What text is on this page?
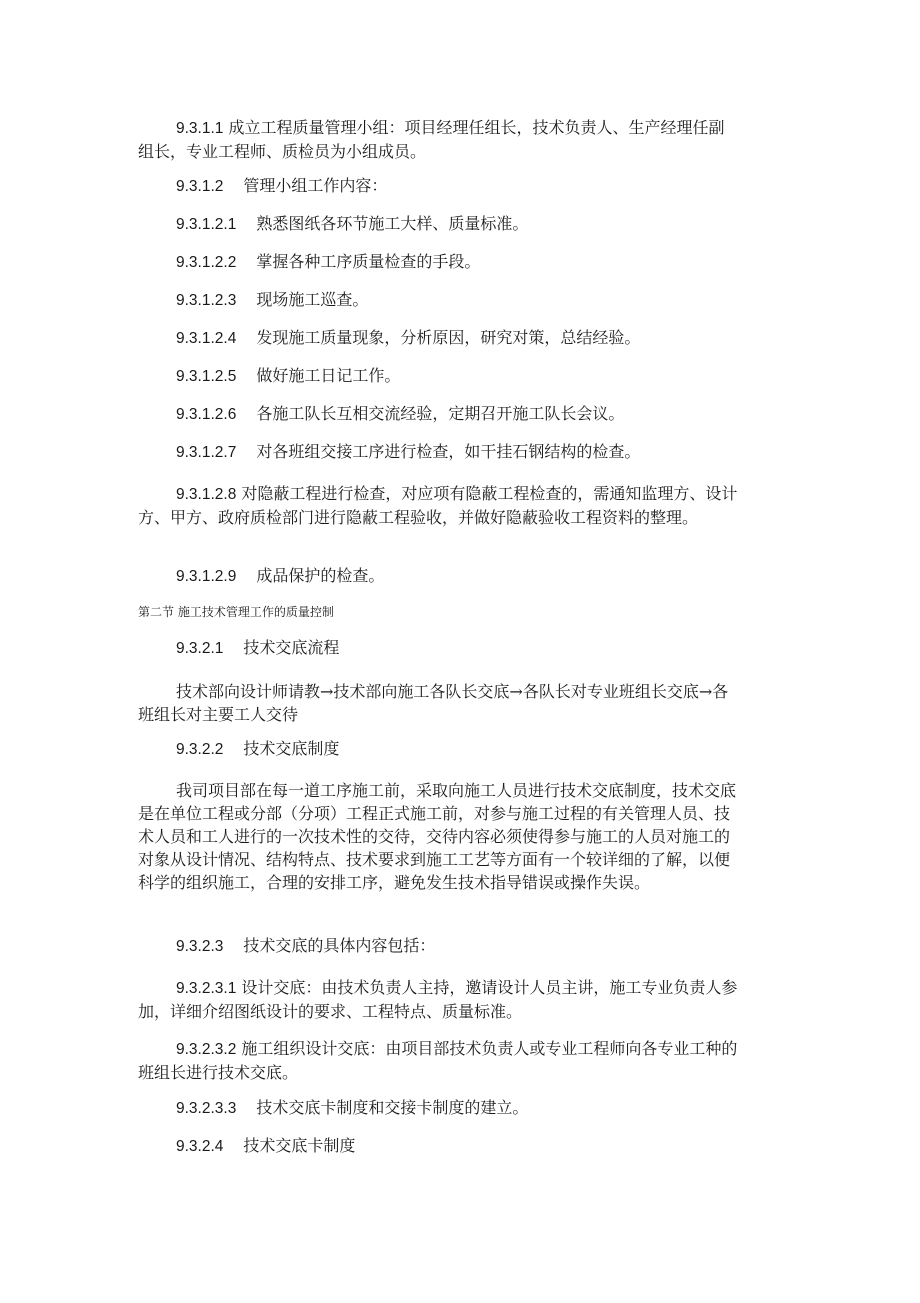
9.3.1.1 成立工程质量管理小组：项目经理任组长，技术负责人、生产经理任副组长，专业工程师、质检员为小组成员。

9.3.1.2 管理小组工作内容：

9.3.1.2.1 熟悉图纸各环节施工大样、质量标准。

9.3.1.2.2 掌握各种工序质量检查的手段。

9.3.1.2.3 现场施工巡查。

9.3.1.2.4 发现施工质量现象，分析原因，研究对策，总结经验。

9.3.1.2.5 做好施工日记工作。

9.3.1.2.6 各施工队长互相交流经验，定期召开施工队长会议。

9.3.1.2.7 对各班组交接工序进行检查，如干挂石钢结构的检查。

9.3.1.2.8 对隐蔽工程进行检查，对应项有隐蔽工程检查的，需通知监理方、设计方、甲方、政府质检部门进行隐蔽工程验收，并做好隐蔽验收工程资料的整理。

9.3.1.2.9 成品保护的检查。

第二节 施工技术管理工作的质量控制

9.3.2.1 技术交底流程

技术部向设计师请教→技术部向施工各队长交底→各队长对专业班组长交底→各班组长对主要工人交待

9.3.2.2 技术交底制度

我司项目部在每一道工序施工前，采取向施工人员进行技术交底制度，技术交底是在单位工程或分部（分项）工程正式施工前，对参与施工过程的有关管理人员、技术人员和工人进行的一次技术性的交待，交待内容必须使得参与施工的人员对施工的对象从设计情况、结构特点、技术要求到施工工艺等方面有一个较详细的了解，以便科学的组织施工，合理的安排工序，避免发生技术指导错误或操作失误。

9.3.2.3 技术交底的具体内容包括：

9.3.2.3.1 设计交底：由技术负责人主持，邀请设计人员主讲，施工专业负责人参加，详细介绍图纸设计的要求、工程特点、质量标准。

9.3.2.3.2 施工组织设计交底：由项目部技术负责人或专业工程师向各专业工种的班组长进行技术交底。

9.3.2.3.3 技术交底卡制度和交接卡制度的建立。

9.3.2.4 技术交底卡制度
